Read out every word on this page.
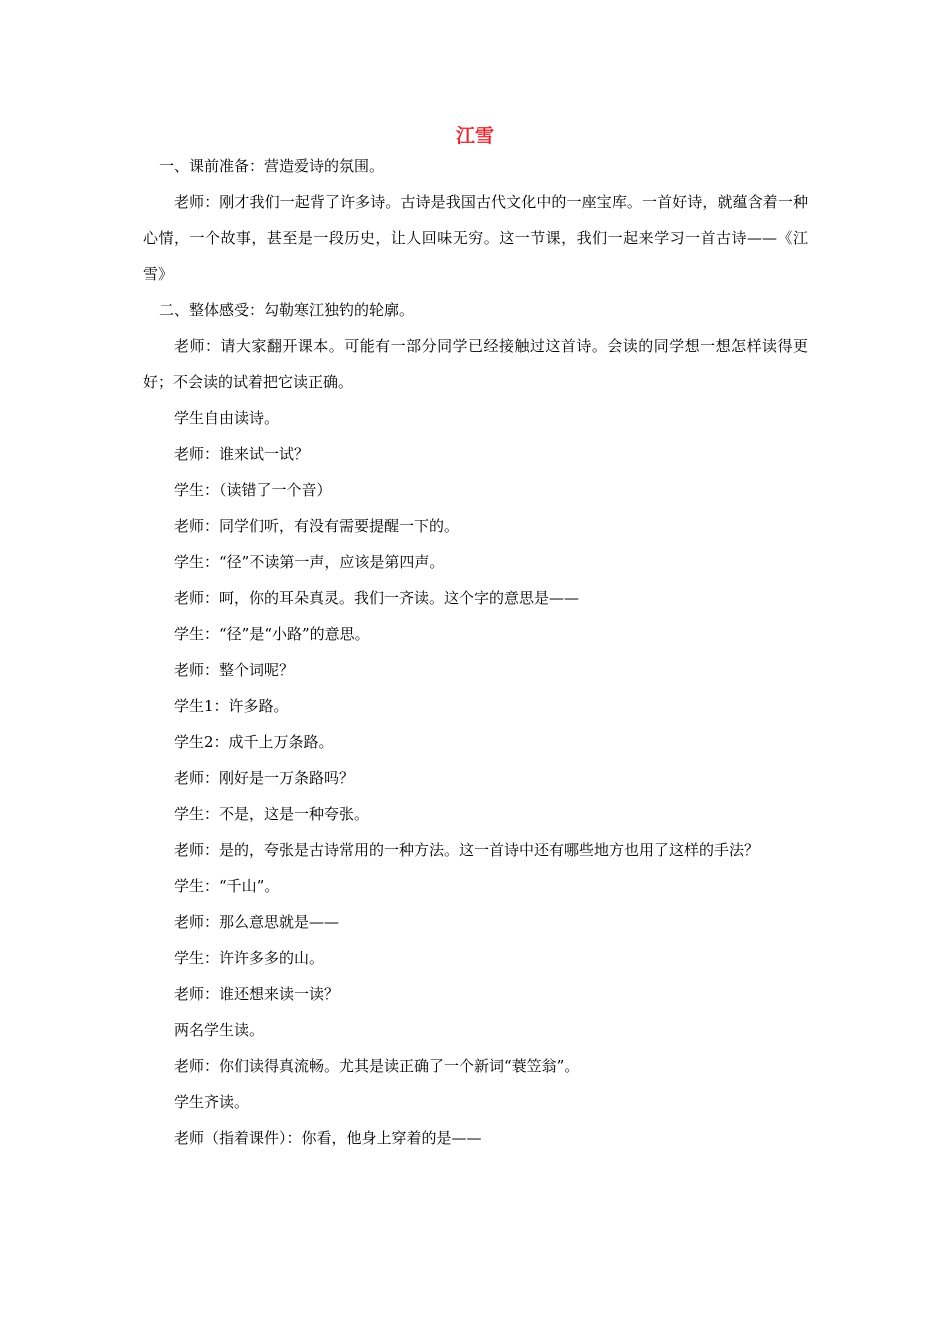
江雪

一、课前准备：营造爱诗的氛围。

老师：刚才我们一起背了许多诗。古诗是我国古代文化中的一座宝库。一首好诗，就蕴含着一种心情，一个故事，甚至是一段历史，让人回味无穷。这一节课，我们一起来学习一首古诗——《江雪》

二、整体感受：勾勒寒江独钓的轮廓。

老师：请大家翻开课本。可能有一部分同学已经接触过这首诗。会读的同学想一想怎样读得更好；不会读的试着把它读正确。

学生自由读诗。

老师：谁来试一试？

学生：（读错了一个音）

老师：同学们听，有没有需要提醒一下的。

学生：“径”不读第一声，应该是第四声。

老师：呵，你的耳朵真灵。我们一齐读。这个字的意思是——

学生：“径”是“小路”的意思。

老师：整个词呢？

学生1：许多路。

学生2：成千上万条路。

老师：刚好是一万条路吗？

学生：不是，这是一种夸张。

老师：是的，夸张是古诗常用的一种方法。这一首诗中还有哪些地方也用了这样的手法？

学生：“千山”。

老师：那么意思就是——

学生：许许多多的山。

老师：谁还想来读一读？

两名学生读。

老师：你们读得真流畅。尤其是读正确了一个新词“蓑笠翁”。

学生齐读。

老师（指着课件）：你看，他身上穿着的是——
